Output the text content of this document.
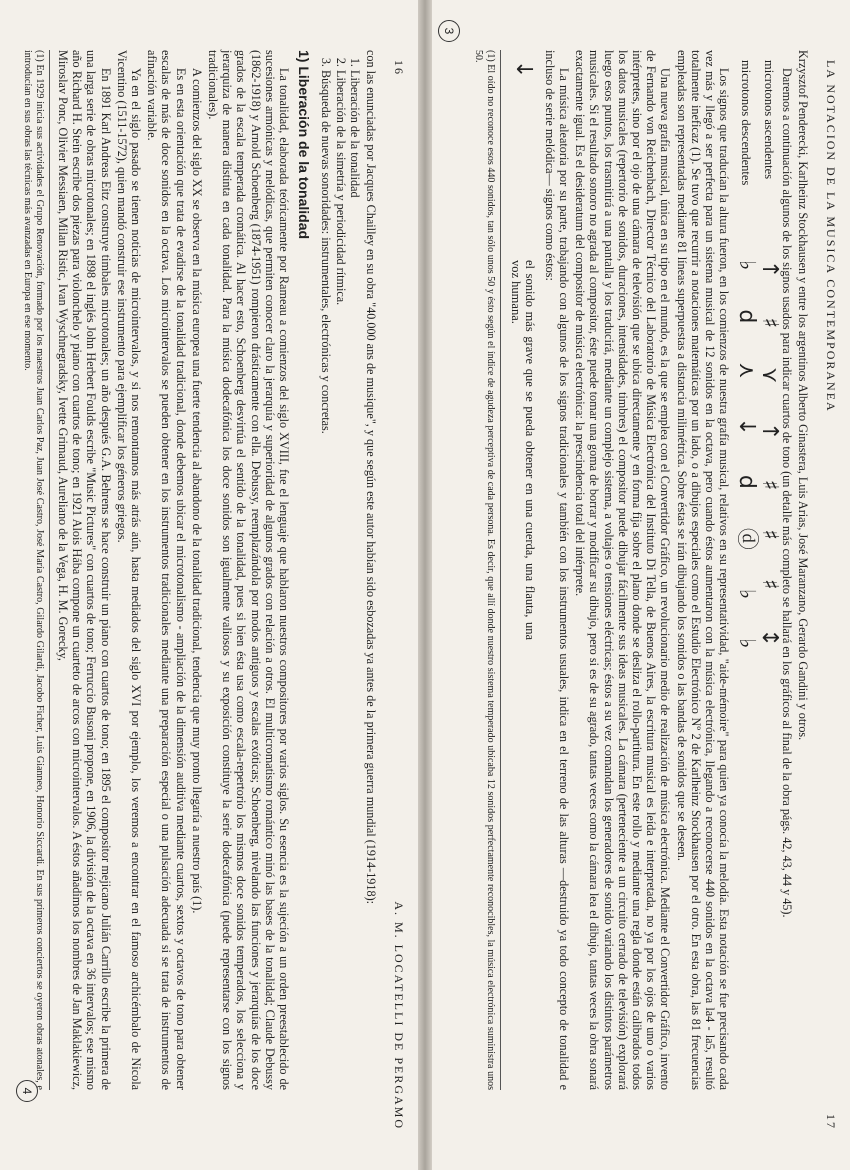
16
A. M. LOCATELLI DE PERGAMO

con las enunciadas por Jacques Chailley en su obra "40.000 ans de musique", y que según este autor habían sido esbozadas ya antes de la primera guerra mundial (1914-1918):

1. Liberación de la tonalidad
2. Liberación de la simetría y periodicidad rítmica.
3. Búsqueda de nuevas sonoridades: instrumentales, electrónicas y concretas.
1) Liberación de la tonalidad

La tonalidad, elaborada teóricamente por Rameau a comienzos del siglo XVIII, fue el lenguaje que hablaron nuestros compositores por varios siglos. Su esencia es la sujeción a un orden preestablecido de sucesiones armónicas y melódicas, que permiten conocer claro la jerarquía y superioridad de algunos grados con relación a otros. El multicromatismo romántico minó las bases de la tonalidad; Claude Debussy (1862-1918) y Arnold Schoenberg (1874-1951) rompieron drásticamente con ella. Debussy, reemplazándola por modos antiguos y escalas exóticas; Schoenberg, nivelando las funciones y jerarquías de los doce grados de la escala temperada cromática. Al hacer esto, Schoenberg desvirtúa el sentido de la tonalidad, pues si bien ésta usa como escala-repertorio los mismos doce sonidos temperados, los selecciona y jerarquiza de manera distinta en cada tonalidad. Para la música dodecafónica los doce sonidos son igualmente valiosos y su exposición constituye la serie dodecafónica (puede representarse con los signos tradicionales).

A comienzos del siglo XX se observa en la música europea una fuerte tendencia al abandono de la tonalidad tradicional, tendencia que muy pronto llegaría a nuestro país (1).

Es en esta orientación que trata de evadirse de la tonalidad tradicional, donde debemos ubicar el microtonalismo - ampliación de la dimensión auditiva mediante cuartos, sextos y octavos de tono para obtener escalas de más de doce sonidos en la octava. Los microintervalos se pueden obtener en los instrumentos tradicionales mediante una preparación especial o una pulsación adecuada si se trata de instrumentos de afinación variable.

Ya en el siglo pasado se tienen noticias de microintervalos, y si nos remontamos más atrás aún, hasta mediados del siglo XVI por ejemplo, los veremos a encontrar en el famoso archicémbalo de Nicola Vicentino (1511-1572), quien mandó construir ese instrumento para ejemplificar los géneros griegos.

En 1891 Karl Andreas Eitz construye timbales microtonales; un año después G.A. Behrens se hace construir un piano con cuartos de tono; en 1895 el compositor mejicano Julián Carrillo escribe la primera de una larga serie de obras microtonales; en 1898 el inglés John Herbert Foulds escribe "Music Pictures" con cuartos de tono; Ferruccio Busoni propone, en 1906, la división de la octava en 36 intervalos; ese mismo año Richard H. Stein escribe dos piezas para violonchelo y piano con cuartos de tono; en 1921 Alois Hába compone un cuarteto de arcos con microintervalos. A éstos añadimos los nombres de Jan Maklakiewicz, Miroslav Ponc, Olivier Messiaen, Milan Ristic, Ivan Wyschnegradsky, Ivette Grimaud, Aureliano de la Vega, H. M. Gorecky,

(1) En 1929 inicia sus actividades el Grupo Renovación, formado por los maestros Juan Carlos Paz, Juan José Castro, José María Castro, Gilardo Gilardi, Jacobo Ficher, Luis Gianneo, Honorio Siccardi. En sus primeros conciertos se oyeron obras atonales, e introducían en sus obras las técnicas más avanzadas en Europa en ese momento.
4
LA NOTACION DE LA MUSICA CONTEMPORANEA
17

Krzysztof Penderecki, Karlheinz Stockhausen y entre los argentinos Alberto Ginastera, Luis Arias, José Maranzano, Gerardo Gandini y otros.

Daremos a continuación algunos de los signos usados para indicar cuartos de tono (un detalle más completo se hallará en los gráficos al final de la obra págs. 42, 43, 44 y 45).

microtonos ascendentes
↑ ♯ ⋎ ↑ ♯ ♯ ♯ ↕
microtonos descendentes
♭ d ⋏ ↓ d ⓓ ♭ ♭

Los signos que traducían la altura fueron, en los comienzos de nuestra grafía musical, relativos en su representatividad, "aide-mémoire" para quien ya conocía la melodía. Esta notación se fue precisando cada vez más y llegó a ser perfecta para un sistema musical de 12 sonidos en la octava, pero cuando éstos aumentaron con la música electrónica, llegando a reconocerse 440 sonidos en la octava la4 - la5, resultó totalmente ineficaz (1). Se tuvo que recurrir a notaciones matemáticas por un lado, o a dibujos especiales como el Estudio Electrónico Nº 2 de Karlheinz Stockhausen por el otro. En esta obra, las 81 frecuencias empleadas son representadas mediante 81 líneas superpuestas a distancia milimétrica. Sobre éstas se irán dibujando los sonidos o las bandas de sonidos que se deseen.

Una nueva grafía musical, única en su tipo en el mundo, es la que se emplea con el Convertidor Gráfico, un revolucionario medio de realización de música electrónica. Mediante el Convertidor Gráfico, invento de Fernando von Reichenbach, Director Técnico del Laboratorio de Música Electrónica del Instituto Di Tella, de Buenos Aires, la escritura musical es leída e interpretada, no ya por los ojos de uno o varios intérpretes, sino por el ojo de una cámara de televisión que se ubica directamente y en forma fija sobre el plano donde se desliza el rollo-partitura. En este rollo y mediante una regla donde están calibrados todos los datos musicales (repertorio de sonidos, duraciones, intensidades, timbres) el compositor puede dibujar fácilmente sus ideas musicales. La cámara (perteneciente a un circuito cerrado de televisión) explorará luego esos puntos, los trasmitirá a una pantalla y los traducirá, mediante un complejo sistema, a voltajes o tensiones eléctricas; éstos a su vez comandan los generadores de sonido variando los distintos parámetros musicales. Si el resultado sonoro no agrada al compositor, éste puede tomar una goma de borrar y modificar su dibujo, pero si es de su agrado, tantas veces como la cámara lea el dibujo, tantas veces la obra sonará exactamente igual. Es el desideratum del compositor de música electrónica: la prescindencia total del intérprete.

La música aleatoria por su parte, trabajando con algunos de los signos tradicionales y también con los instrumentos usuales, indica en el terreno de las alturas —destruido ya todo concepto de tonalidad e incluso de serie melódica— signos como éstos:

↓
el sonido más grave que se pueda obtener en una cuerda, una flauta, una voz humana.
(1) El oído no reconoce esos 440 sonidos, tan sólo unos 50 y ésto según el índice de agudeza perceptiva de cada persona. Es decir, que allí donde nuestro sistema temperado ubicaba 12 sonidos perfectamente reconocibles, la música electrónica suministra unos 50.
3
